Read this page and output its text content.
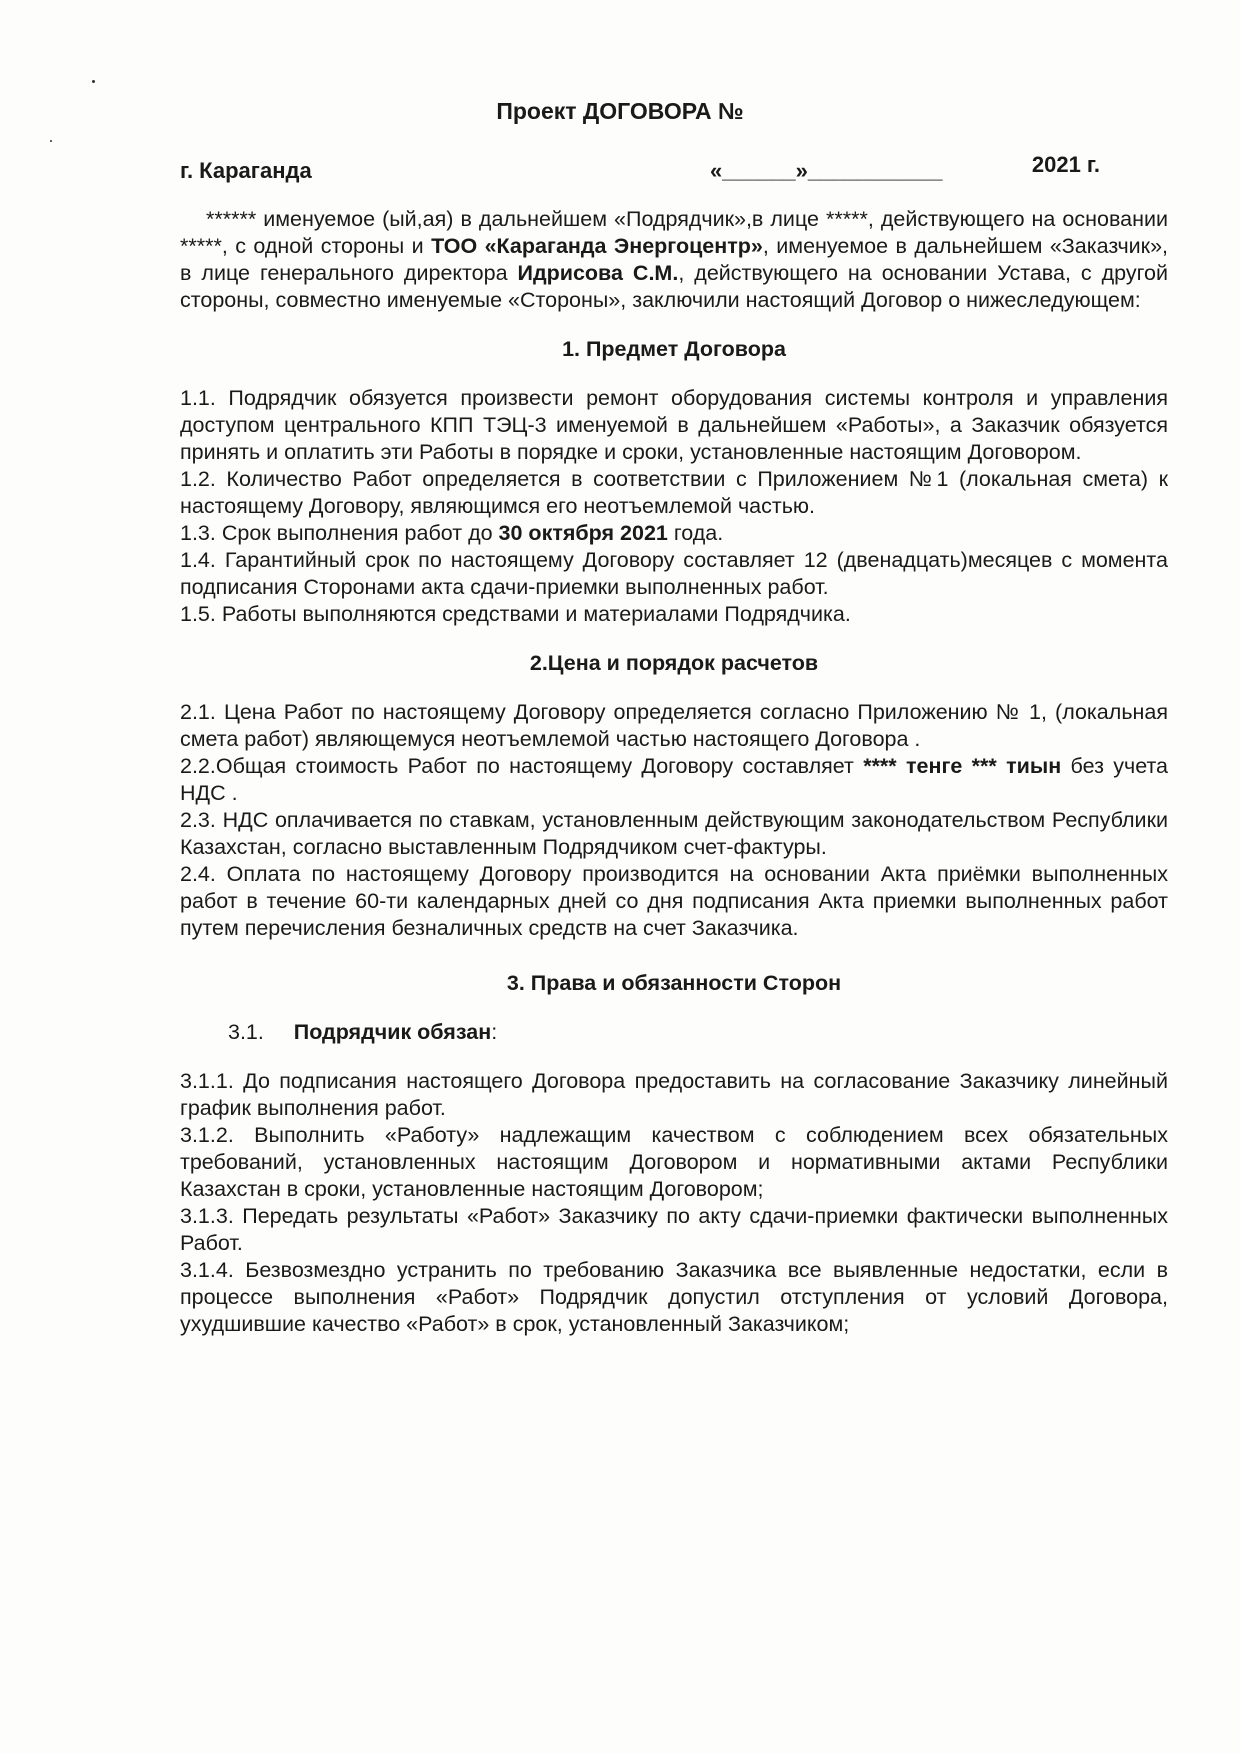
Проект ДОГОВОРА №
г. Караганда	«______»___________	2021 г.

****** именуемое (ый,ая) в дальнейшем «Подрядчик»,в лице *****, действующего на основании *****, с одной стороны и ТОО «Караганда Энергоцентр», именуемое в дальнейшем «Заказчик», в лице генерального директора Идрисова С.М., действующего на основании Устава, с другой стороны, совместно именуемые «Стороны», заключили настоящий Договор о нижеследующем:

1. Предмет Договора

1.1. Подрядчик обязуется произвести ремонт оборудования системы контроля и управления доступом центрального КПП ТЭЦ-3 именуемой в дальнейшем «Работы», а Заказчик обязуется принять и оплатить эти Работы в порядке и сроки, установленные настоящим Договором.

1.2. Количество Работ определяется в соответствии с Приложением №1 (локальная смета) к настоящему Договору, являющимся его неотъемлемой частью.

1.3. Срок выполнения работ до 30 октября 2021 года.

1.4. Гарантийный срок по настоящему Договору составляет 12 (двенадцать)месяцев с момента подписания Сторонами акта сдачи-приемки выполненных работ.

1.5. Работы выполняются средствами и материалами Подрядчика.

2.Цена и порядок расчетов

2.1. Цена Работ по настоящему Договору определяется согласно Приложению № 1, (локальная смета работ) являющемуся неотъемлемой частью настоящего Договора .

2.2.Общая стоимость Работ по настоящему Договору составляет **** тенге *** тиын без учета НДС .

2.3. НДС оплачивается по ставкам, установленным действующим законодательством Республики Казахстан, согласно выставленным Подрядчиком счет-фактуры.

2.4. Оплата по настоящему Договору производится на основании Акта приёмки выполненных работ в течение 60-ти календарных дней со дня подписания Акта приемки выполненных работ путем перечисления безналичных средств на счет Заказчика.

3. Права и обязанности Сторон

3.1. Подрядчик обязан:

3.1.1. До подписания настоящего Договора предоставить на согласование Заказчику линейный график выполнения работ.

3.1.2. Выполнить «Работу» надлежащим качеством с соблюдением всех обязательных требований, установленных настоящим Договором и нормативными актами Республики Казахстан в сроки, установленные настоящим Договором;

3.1.3. Передать результаты «Работ» Заказчику по акту сдачи-приемки фактически выполненных Работ.

3.1.4. Безвозмездно устранить по требованию Заказчика все выявленные недостатки, если в процессе выполнения «Работ» Подрядчик допустил отступления от условий Договора, ухудшившие качество «Работ» в срок, установленный Заказчиком;
